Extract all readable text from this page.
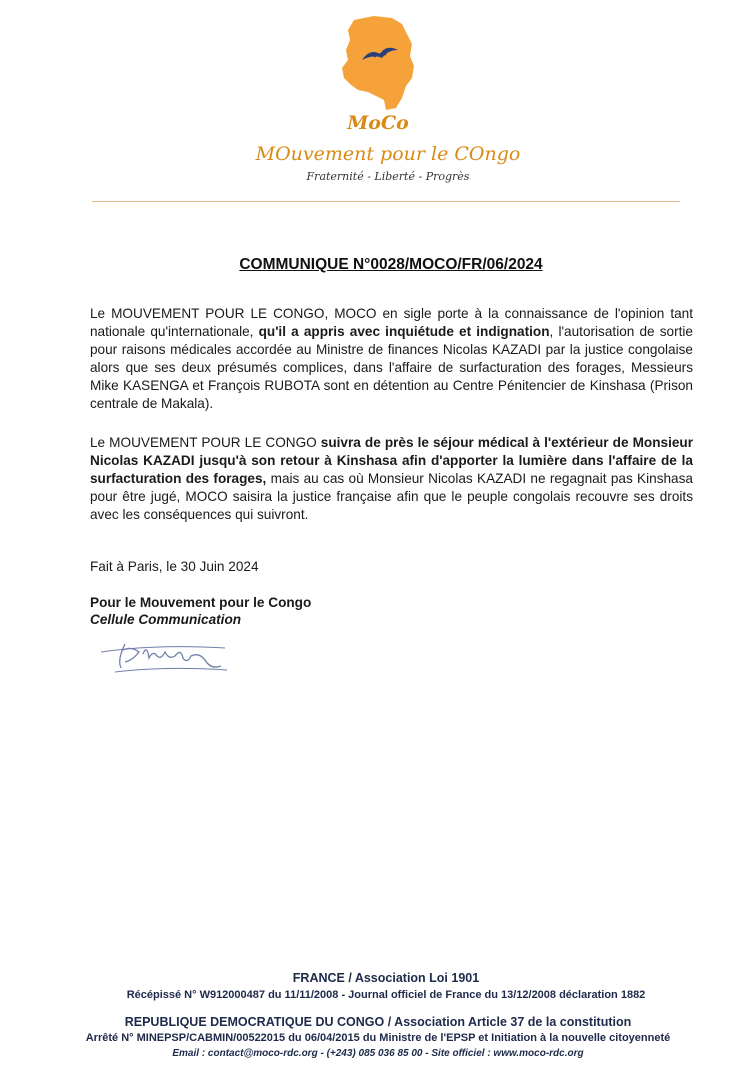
MoCo
MOuvement pour le COngo
Fraternité - Liberté - Progrès
COMMUNIQUE N°0028/MOCO/FR/06/2024
Le MOUVEMENT POUR LE CONGO, MOCO en sigle porte à la connaissance de l'opinion tant nationale qu'internationale, qu'il a appris avec inquiétude et indignation, l'autorisation de sortie pour raisons médicales accordée au Ministre de finances Nicolas KAZADI par la justice congolaise alors que ses deux présumés complices, dans l'affaire de surfacturation des forages, Messieurs Mike KASENGA et François RUBOTA sont en détention au Centre Pénitencier de Kinshasa (Prison centrale de Makala).
Le MOUVEMENT POUR LE CONGO suivra de près le séjour médical à l'extérieur de Monsieur Nicolas KAZADI jusqu'à son retour à Kinshasa afin d'apporter la lumière dans l'affaire de la surfacturation des forages, mais au cas où Monsieur Nicolas KAZADI ne regagnait pas Kinshasa pour être jugé, MOCO saisira la justice française afin que le peuple congolais recouvre ses droits avec les conséquences qui suivront.
Fait à Paris, le 30 Juin 2024
Pour le Mouvement pour le Congo
Cellule Communication
FRANCE / Association Loi 1901
Récépissé N° W912000487 du 11/11/2008 - Journal officiel de France du 13/12/2008 déclaration 1882
REPUBLIQUE DEMOCRATIQUE DU CONGO / Association Article 37 de la constitution
Arrêté N° MINEPSP/CABMIN/00522015 du 06/04/2015 du Ministre de l'EPSP et Initiation à la nouvelle citoyenneté
Email : contact@moco-rdc.org - (+243) 085 036 85 00 - Site officiel : www.moco-rdc.org
